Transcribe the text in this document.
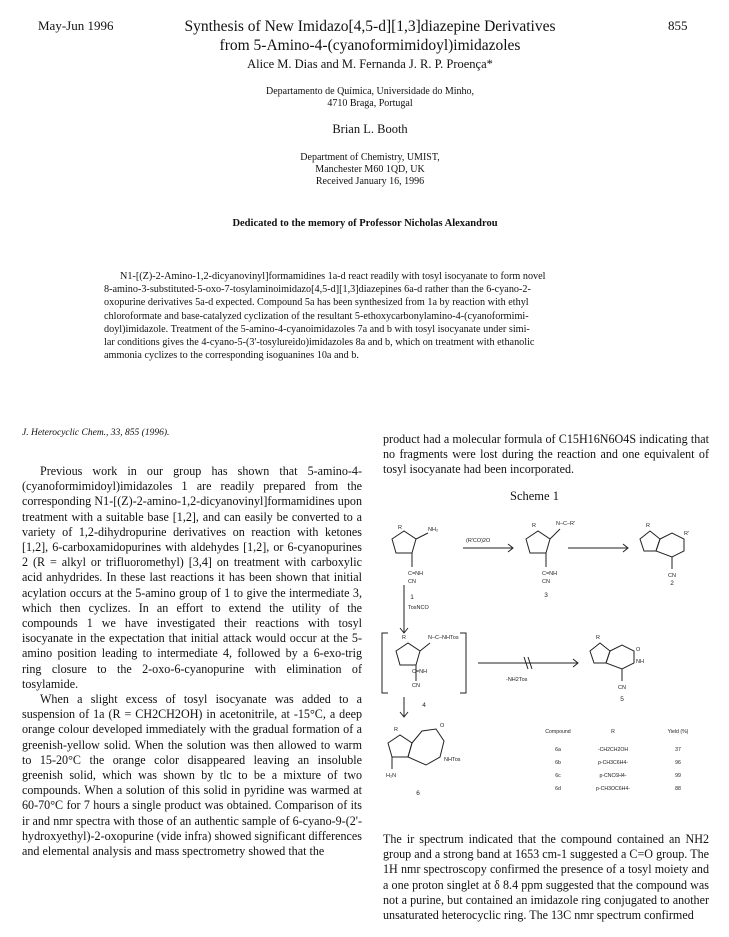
May-Jun 1996	855
Synthesis of New Imidazo[4,5-d][1,3]diazepine Derivatives
from 5-Amino-4-(cyanoformimidoyl)imidazoles
Alice M. Dias and M. Fernanda J. R. P. Proença*
Departamento de Química, Universidade do Minho,
4710 Braga, Portugal
Brian L. Booth
Department of Chemistry, UMIST,
Manchester M60 1QD, UK
Received January 16, 1996
Dedicated to the memory of Professor Nicholas Alexandrou
N1-[(Z)-2-Amino-1,2-dicyanovinyl]formamidines 1a-d react readily with tosyl isocyanate to form novel
8-amino-3-substituted-5-oxo-7-tosylaminoimidazo[4,5-d][1,3]diazepines 6a-d rather than the 6-cyano-2-
oxopurine derivatives 5a-d expected. Compound 5a has been synthesized from 1a by reaction with ethyl
chloroformate and base-catalyzed cyclization of the resultant 5-ethoxycarbonylamino-4-(cyanoformimi-
doyl)imidazole. Treatment of the 5-amino-4-cyanoimidazoles 7a and b with tosyl isocyanate under simi-
lar conditions gives the 4-cyano-5-(3'-tosylureido)imidazoles 8a and b, which on treatment with ethanolic
ammonia cyclizes to the corresponding isoguanines 10a and b.
J. Heterocyclic Chem., 33, 855 (1996).

Previous work in our group has shown that 5-amino-4-(cyanoformimidoyl)imidazoles 1 are readily prepared from the corresponding N1-[(Z)-2-amino-1,2-dicyanovinyl]formamidines upon treatment with a suitable base [1,2], and can easily be converted to a variety of 1,2-dihydropurine derivatives on reaction with ketones [1,2], 6-carboxamidopurines with aldehydes [1,2], or 6-cyanopurines 2 (R = alkyl or trifluoromethyl) [3,4] on treatment with carboxylic acid anhydrides. In these last reactions it has been shown that initial acylation occurs at the 5-amino group of 1 to give the intermediate 3, which then cyclizes. In an effort to extend the utility of the compounds 1 we have investigated their reactions with tosyl isocyanate in the expectation that initial attack would occur at the 5-amino position leading to intermediate 4, followed by a 6-exo-trig ring closure to the 2-oxo-6-cyanopurine with elimination of tosylamide.

When a slight excess of tosyl isocyanate was added to a suspension of 1a (R = CH2CH2OH) in acetonitrile, at -15°C, a deep orange colour developed immediately with the gradual formation of a greenish-yellow solid. When the solution was then allowed to warm to 15-20°C the orange color disappeared leaving an insoluble greenish solid, which was shown by tlc to be a mixture of two compounds. When a solution of this solid in pyridine was warmed at 60-70°C for 7 hours a single product was obtained. Comparison of its ir and nmr spectra with those of an authentic sample of 6-cyano-9-(2'-hydroxyethyl)-2-oxopurine (vide infra) showed significant differences and elemental analysis and mass spectrometry showed that the

product had a molecular formula of C15H16N6O4S indicating that no fragments were lost during the reaction and one equivalent of tosyl isocyanate had been incorporated.

Scheme 1
R	NH₂
C=NH
CN
(R'CO)2O
R	N–C–R'
C=NH
CN
R
R'
CN
TosNCO
R	N–C–NHTos
C=NH
CN
-NH2Tos
R
O
NH
CN
R
O
H₂N
NHTos
1	3
2
4
5
6
Compound	R	Yield (%)
6a	-CH2CH2OH	37
6b	p-CH3C6H4-	96
6c	p-CNC6H4-	99
6d	p-CH3OC6H4-	88

The ir spectrum indicated that the compound contained an NH2 group and a strong band at 1653 cm-1 suggested a C=O group. The 1H nmr spectroscopy confirmed the presence of a tosyl moiety and a one proton singlet at δ 8.4 ppm suggested that the compound was not a purine, but contained an imidazole ring conjugated to another unsaturated heterocyclic ring. The 13C nmr spectrum confirmed
